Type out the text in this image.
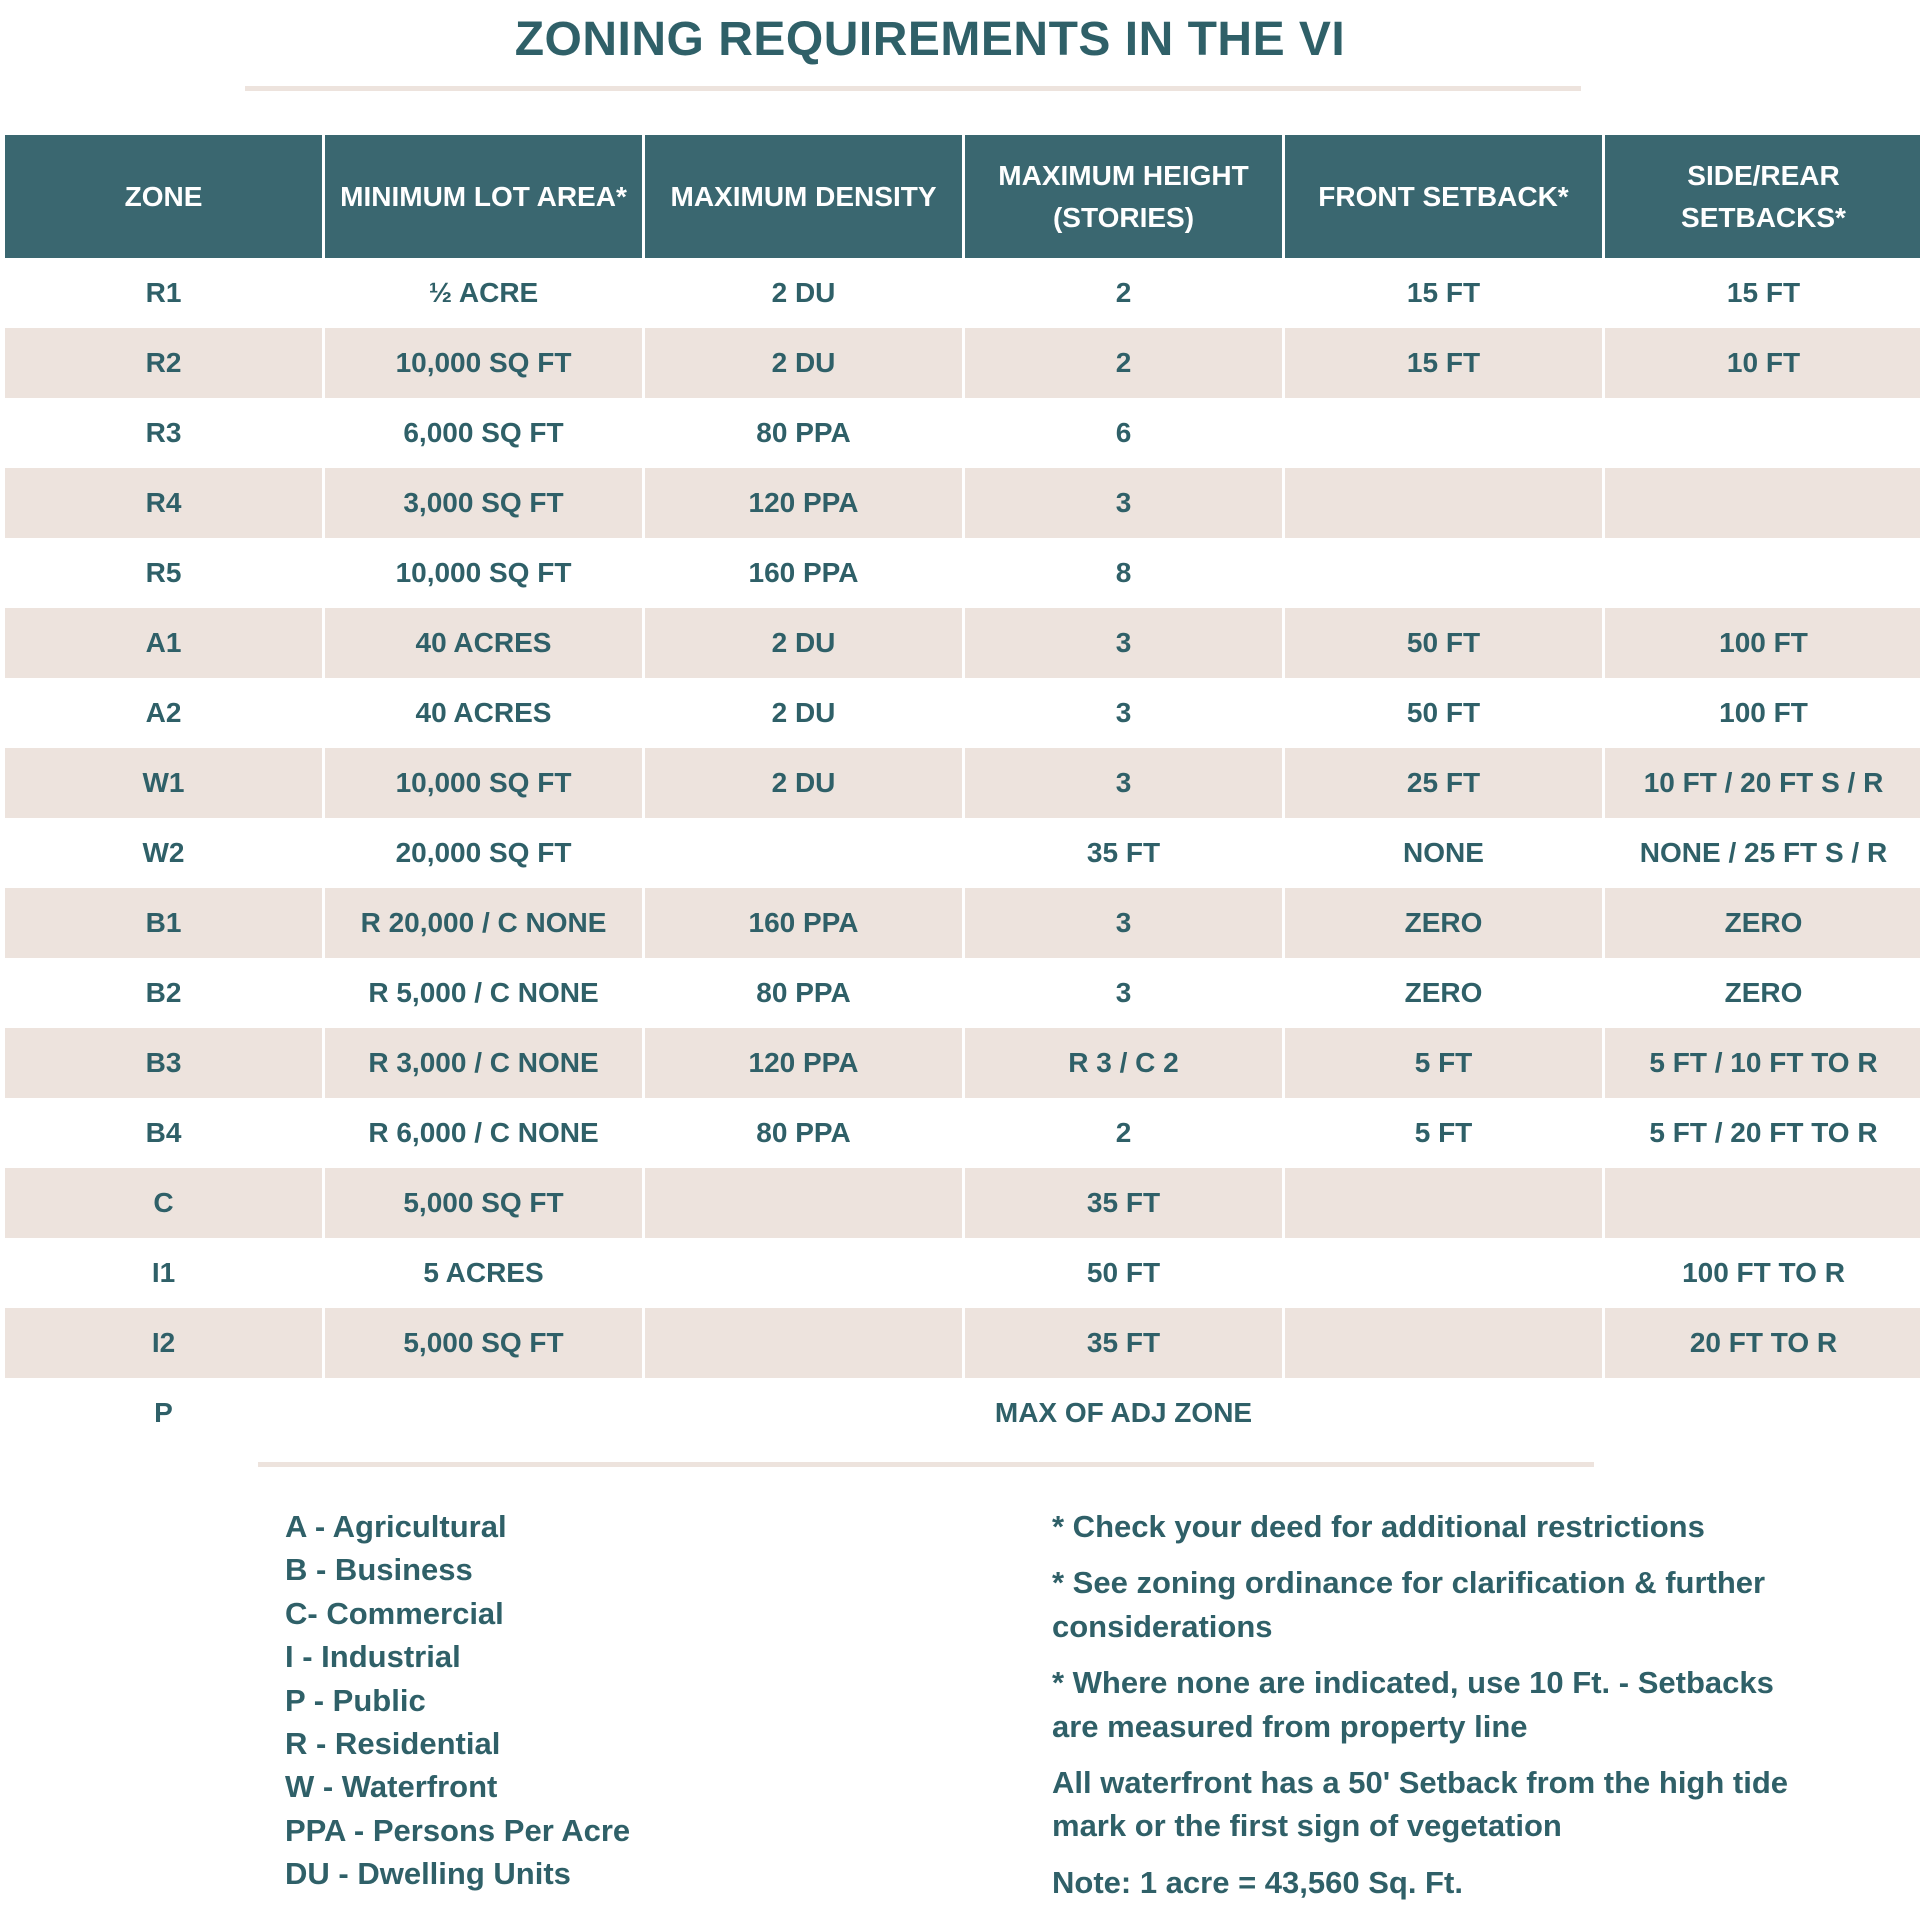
ZONING REQUIREMENTS IN THE VI
ZONE	MINIMUM LOT AREA*	MAXIMUM DENSITY	MAXIMUM HEIGHT (STORIES)	FRONT SETBACK*	SIDE/REAR SETBACKS*
R1	½ ACRE	2 DU	2	15 FT	15 FT
R2	10,000 SQ FT	2 DU	2	15 FT	10 FT
R3	6,000 SQ FT	80 PPA	6		
R4	3,000 SQ FT	120 PPA	3		
R5	10,000 SQ FT	160 PPA	8		
A1	40 ACRES	2 DU	3	50 FT	100 FT
A2	40 ACRES	2 DU	3	50 FT	100 FT
W1	10,000 SQ FT	2 DU	3	25 FT	10 FT / 20 FT S / R
W2	20,000 SQ FT		35 FT	NONE	NONE / 25 FT S / R
B1	R 20,000 / C NONE	160 PPA	3	ZERO	ZERO
B2	R 5,000 / C NONE	80 PPA	3	ZERO	ZERO
B3	R 3,000 / C NONE	120 PPA	R 3 / C 2	5 FT	5 FT / 10 FT TO R
B4	R 6,000 / C NONE	80 PPA	2	5 FT	5 FT / 20 FT TO R
C	5,000 SQ FT		35 FT		
I1	5 ACRES		50 FT		100 FT TO R
I2	5,000 SQ FT		35 FT		20 FT TO R
P	MAX OF ADJ ZONE				
A - Agricultural
B - Business
C- Commercial
I - Industrial
P - Public
R - Residential
W - Waterfront
PPA - Persons Per Acre
DU - Dwelling Units

* Check your deed for additional restrictions

* See zoning ordinance for clarification & further considerations

* Where none are indicated, use 10 Ft. - Setbacks are measured from property line

All waterfront has a 50' Setback from the high tide mark or the first sign of vegetation

Note: 1 acre = 43,560 Sq. Ft.
